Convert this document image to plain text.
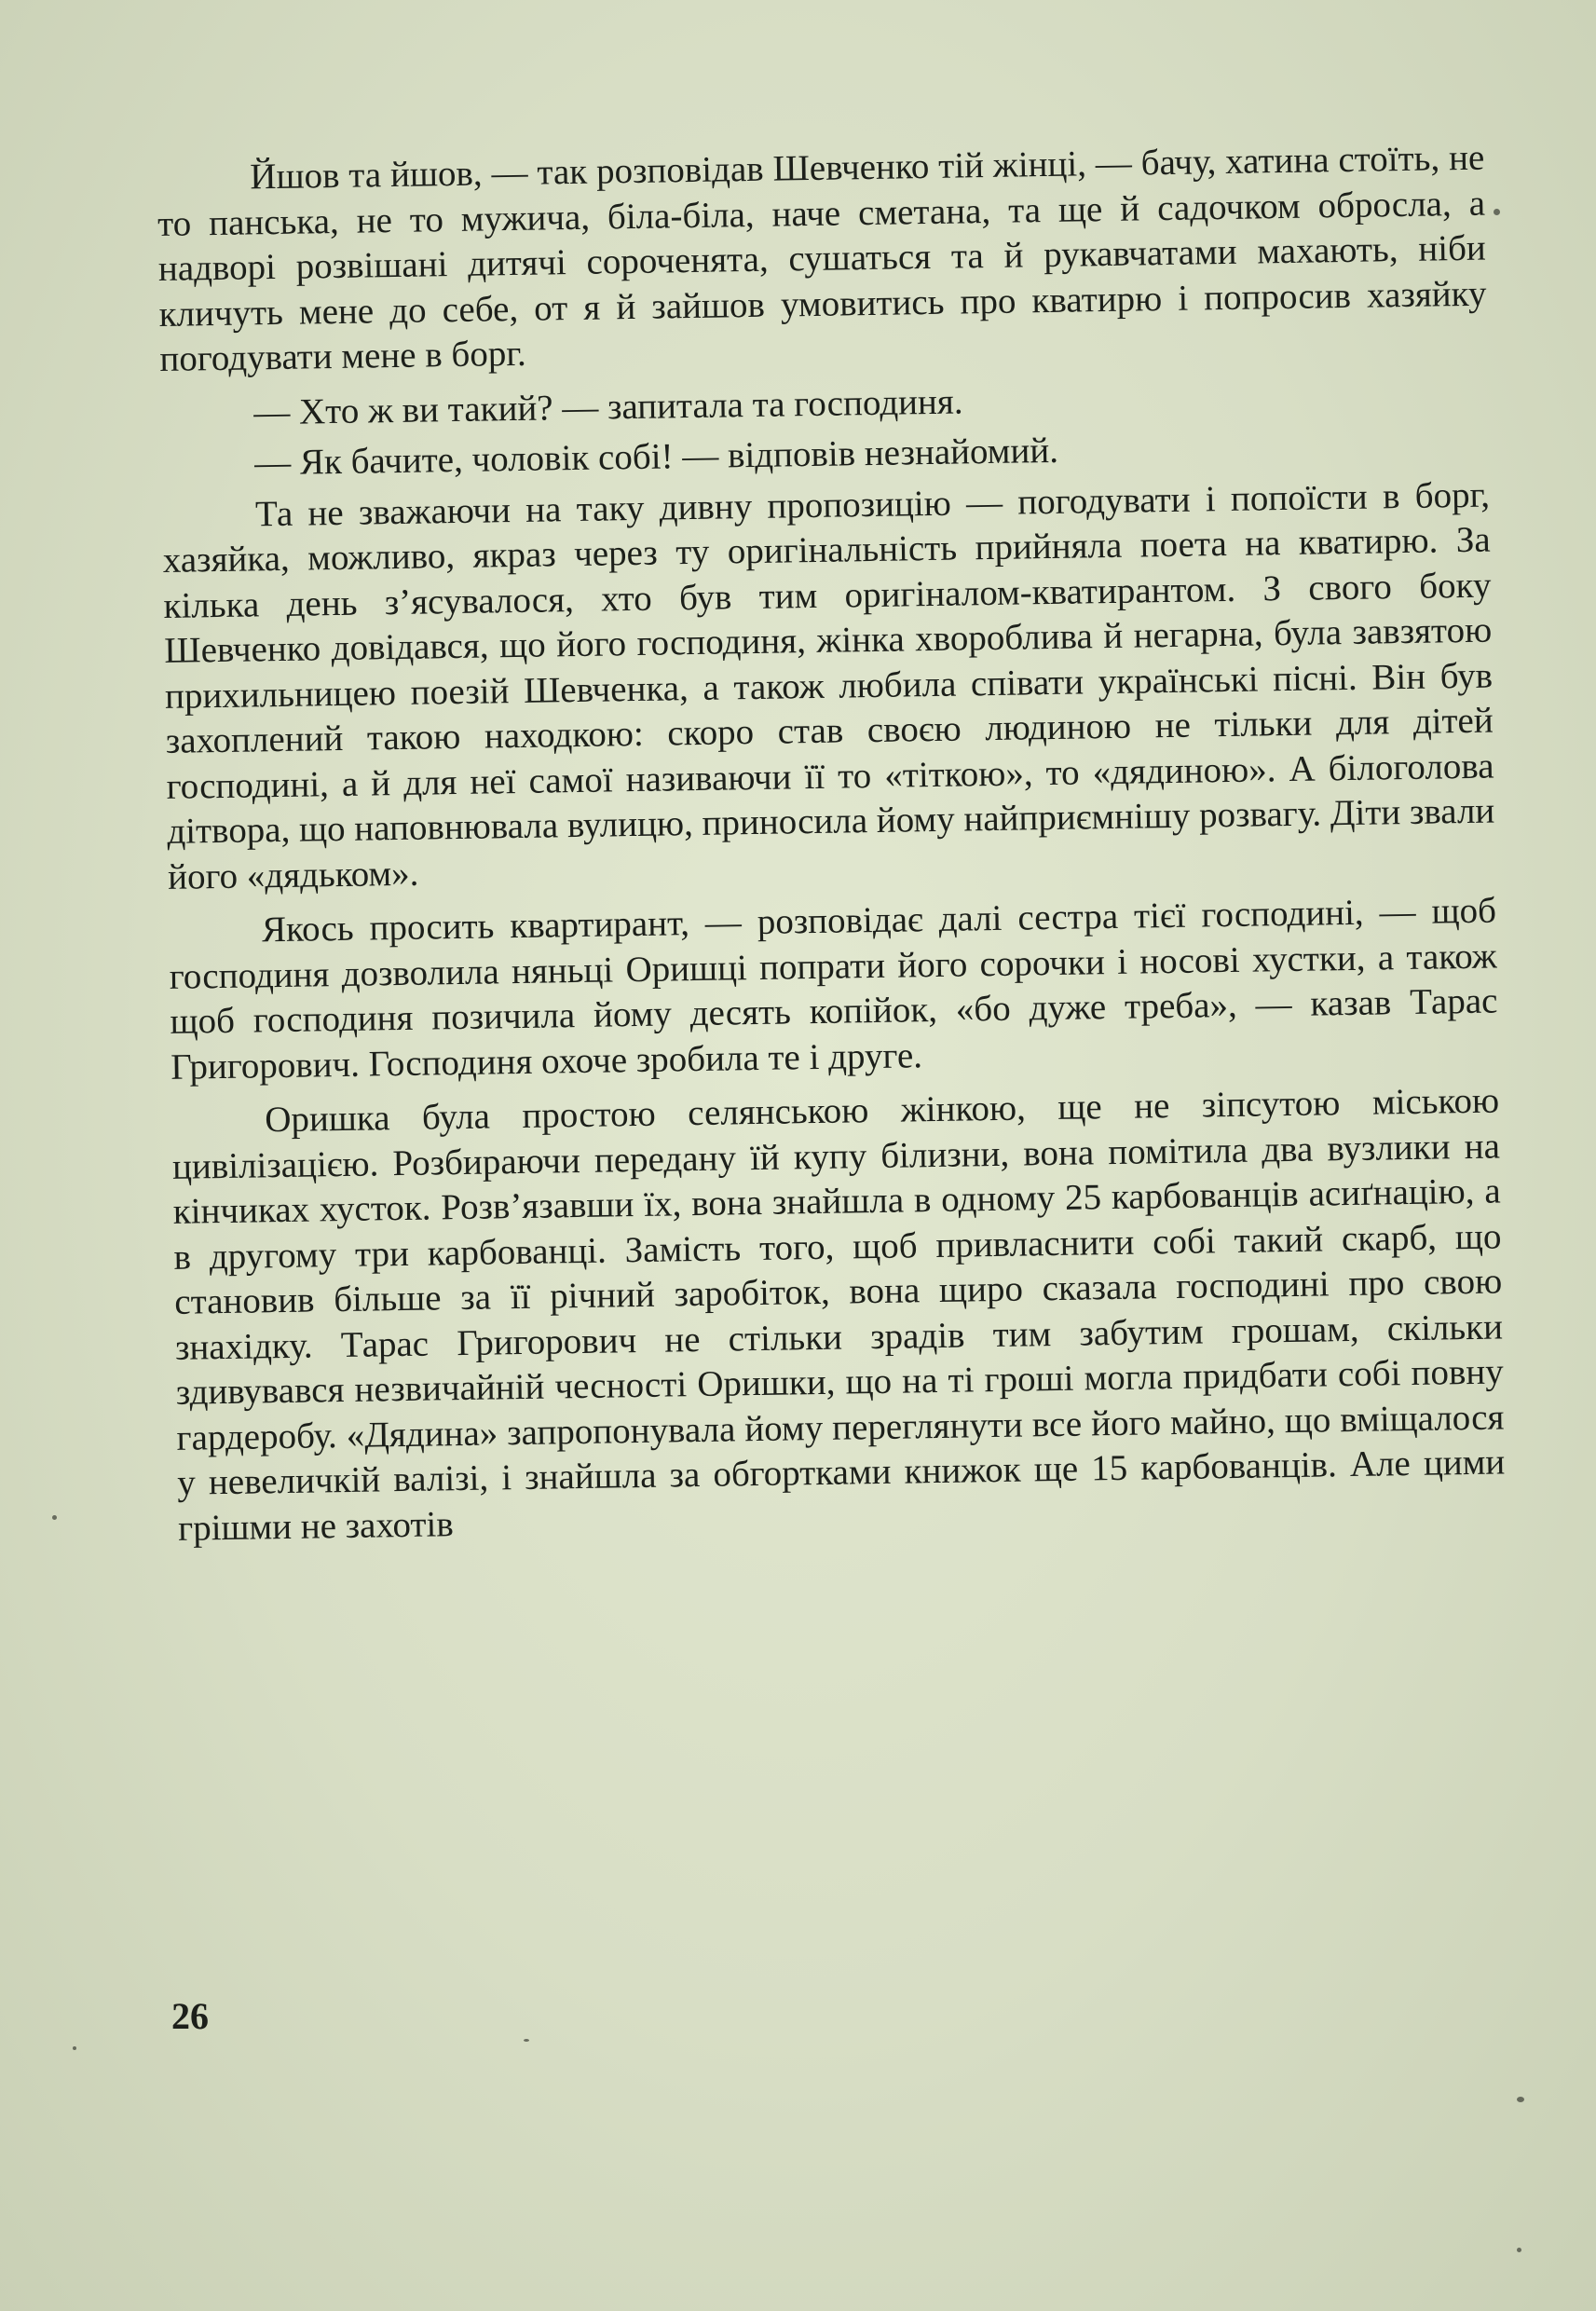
Йшов та йшов, — так розповідав Шевченко тій жінці, — бачу, хатина стоїть, не то панська, не то мужича, біла-біла, наче сметана, та ще й садочком обросла, а надворі розвішані дитячі сороченята, сушаться та й рукавчатами махають, ніби кличуть мене до себе, от я й зайшов умовитись про кватирю і попросив хазяйку погодувати мене в борг.

— Хто ж ви такий? — запитала та господиня.

— Як бачите, чоловік собі! — відповів незнайомий.

Та не зважаючи на таку дивну пропозицію — погодувати і попоїсти в борг, хазяйка, можливо, якраз через ту оригінальність прийняла поета на кватирю. За кілька день з’ясувалося, хто був тим оригіналом-кватирантом. З свого боку Шевченко довідався, що його господиня, жінка хвороблива й негарна, була завзятою прихильницею поезій Шевченка, а також любила співати українські пісні. Він був захоплений такою находкою: скоро став своєю людиною не тільки для дітей господині, а й для неї самої називаючи її то «тіткою», то «дядиною». А білоголова дітвора, що наповнювала вулицю, приносила йому найприємнішу розвагу. Діти звали його «дядьком».

Якось просить квартирант, — розповідає далі сестра тієї господині, — щоб господиня дозволила няньці Оришці попрати його сорочки і носові хустки, а також щоб господиня позичила йому десять копійок, «бо дуже треба», — казав Тарас Григорович. Господиня охоче зробила те і друге.

Оришка була простою селянською жінкою, ще не зіпсутою міською цивілізацією. Розбираючи передану їй купу білизни, вона помітила два вузлики на кінчиках хусток. Розв’язавши їх, вона знайшла в одному 25 карбованців асиґнацію, а в другому три карбованці. Замість того, щоб привласнити собі такий скарб, що становив більше за її річний заробіток, вона щиро сказала господині про свою знахідку. Тарас Григорович не стільки зрадів тим забутим грошам, скільки здивувався незвичайній чесності Оришки, що на ті гроші могла придбати собі повну гардеробу. «Дядина» запропонувала йому переглянути все його майно, що вміщалося у невеличкій валізі, і знайшла за обгортками книжок ще 15 карбованців. Але цими грішми не захотів

26
